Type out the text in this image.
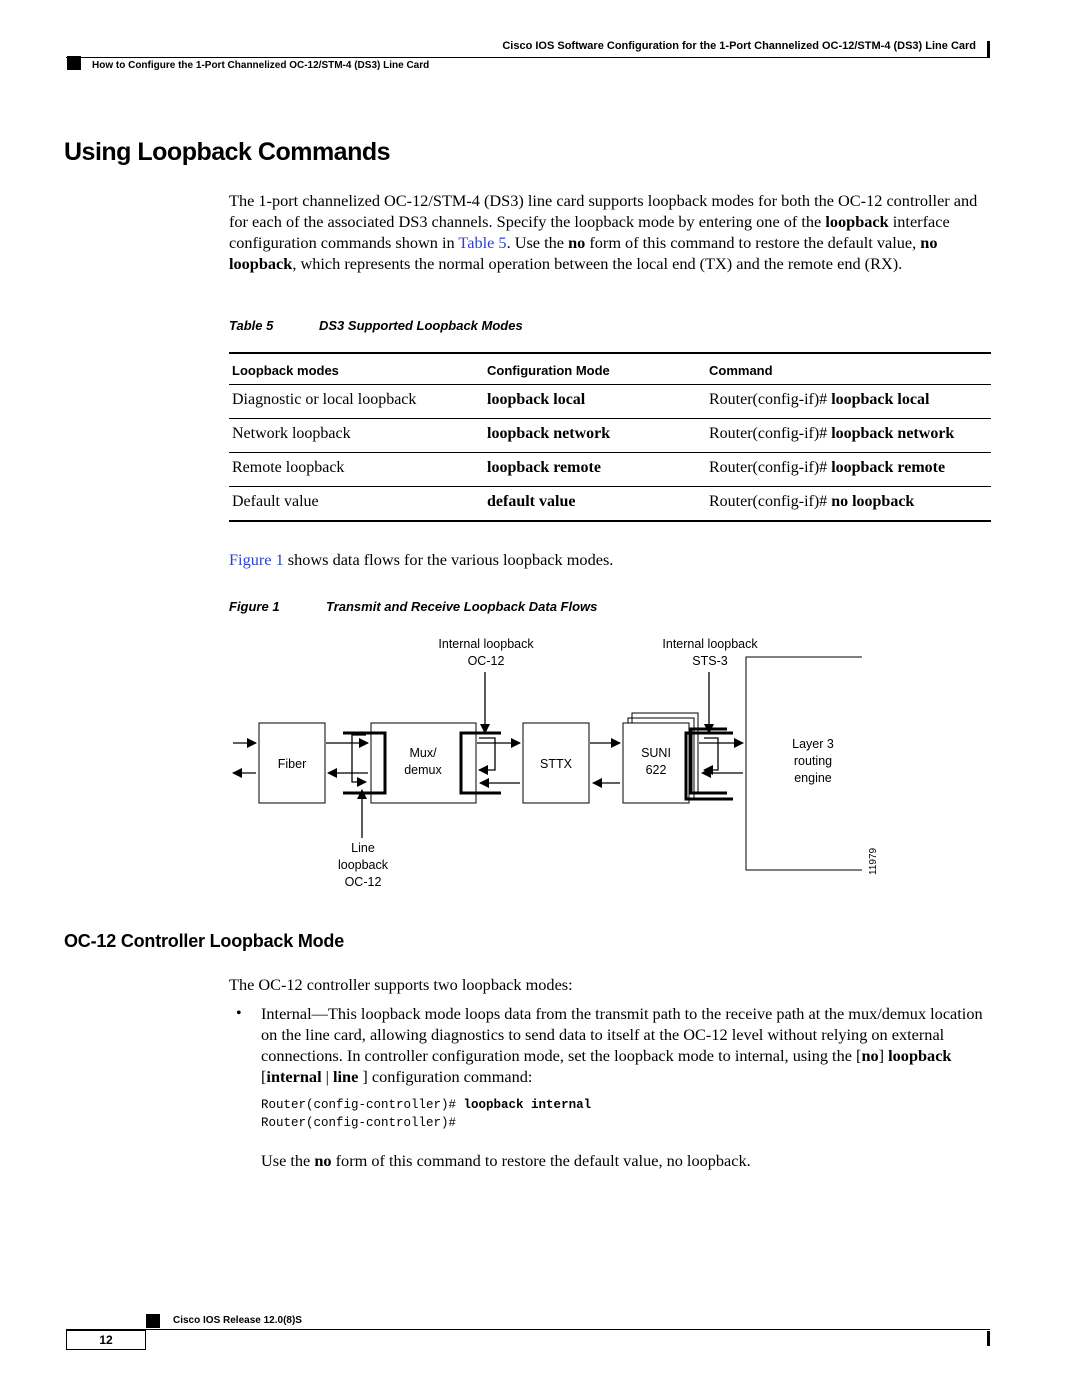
Cisco IOS Software Configuration for the 1-Port Channelized OC-12/STM-4 (DS3) Line Card
How to Configure the 1-Port Channelized OC-12/STM-4 (DS3) Line Card
Using Loopback Commands
The 1-port channelized OC-12/STM-4 (DS3) line card supports loopback modes for both the OC-12 controller and for each of the associated DS3 channels. Specify the loopback mode by entering one of the loopback interface configuration commands shown in Table 5. Use the no form of this command to restore the default value, no loopback, which represents the normal operation between the local end (TX) and the remote end (RX).
Table 5	DS3 Supported Loopback Modes
Loopback modes	Configuration Mode	Command
Diagnostic or local loopback	loopback local	Router(config-if)# loopback local
Network loopback	loopback network	Router(config-if)# loopback network
Remote loopback	loopback remote	Router(config-if)# loopback remote
Default value	default value	Router(config-if)# no loopback
Figure 1 shows data flows for the various loopback modes.
Figure 1	Transmit and Receive Loopback Data Flows
Internal loopback
OC-12
Internal loopback
STS-3
Fiber
Mux/
demux	STTX
SUNI
622
Layer 3
routing
engine
Line
loopback
OC-12
11979
OC-12 Controller Loopback Mode
The OC-12 controller supports two loopback modes:
• Internal—This loopback mode loops data from the transmit path to the receive path at the mux/demux location on the line card, allowing diagnostics to send data to itself at the OC-12 level without relying on external connections. In controller configuration mode, set the loopback mode to internal, using the [no] loopback [internal | line ] configuration command:
Router(config-controller)# loopback internal
Router(config-controller)#
Use the no form of this command to restore the default value, no loopback.
Cisco IOS Release 12.0(8)S
12
